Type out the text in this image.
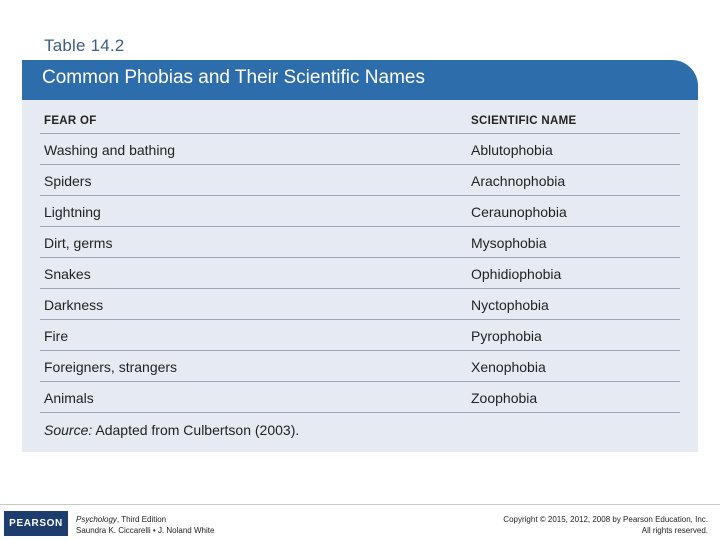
Table 14.2
Common Phobias and Their Scientific Names
FEAR OF	SCIENTIFIC NAME
Washing and bathing	Ablutophobia
Spiders	Arachnophobia
Lightning	Ceraunophobia
Dirt, germs	Mysophobia
Snakes	Ophidiophobia
Darkness	Nyctophobia
Fire	Pyrophobia
Foreigners, strangers	Xenophobia
Animals	Zoophobia
Source: Adapted from Culbertson (2003).
PEARSON	Psychology, Third Edition
Saundra K. Ciccarelli • J. Noland White
Copyright © 2015, 2012, 2008 by Pearson Education, Inc.
All rights reserved.
